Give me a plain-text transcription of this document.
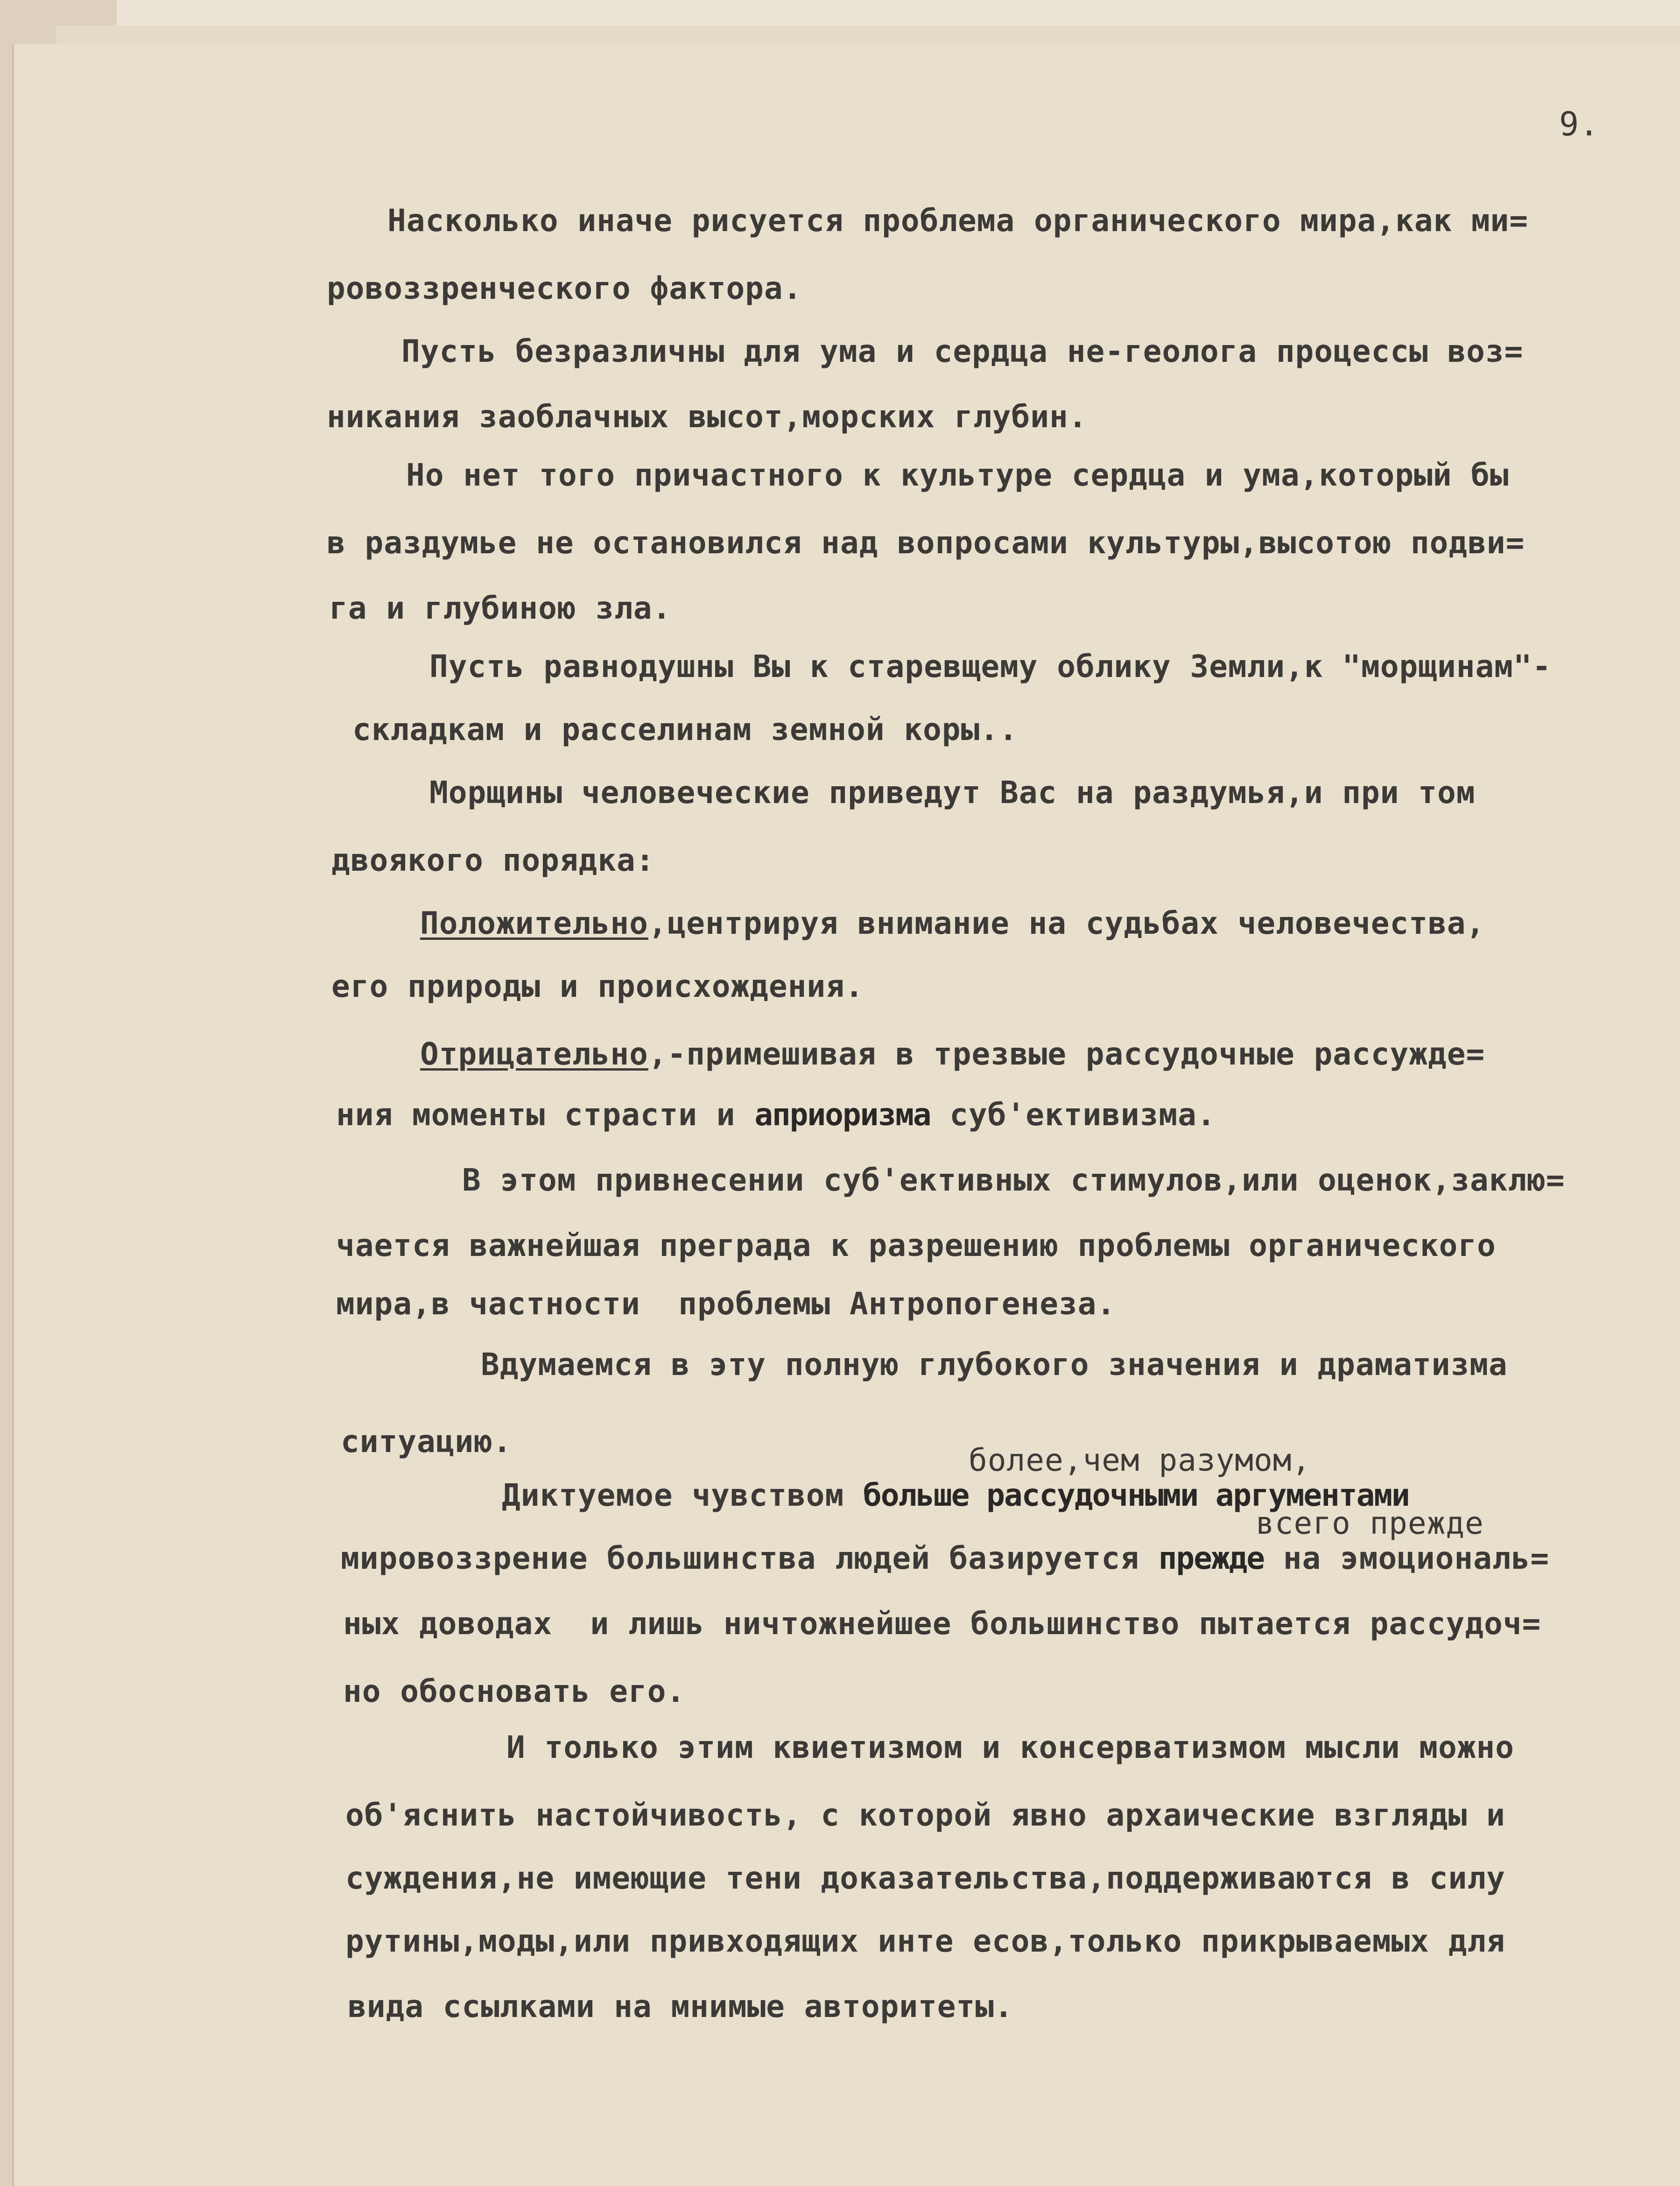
9.
Насколько иначе рисуется проблема органического мира,как ми=
ровоззренческого фактора.
Пусть безразличны для ума и сердца не-геолога процессы воз=
никания заоблачных высот,морских глубин.
Но нет того причастного к культуре сердца и ума,который бы
в раздумье не остановился над вопросами культуры,высотою подви=
га и глубиною зла.
Пусть равнодушны Вы к старевщему облику Земли,к "морщинам"-
складкам и расселинам земной коры..
Морщины человеческие приведут Вас на раздумья,и при том
двоякого порядка:
Положительно,центрируя внимание на судьбах человечества,
его природы и происхождения.
Отрицательно,-примешивая в трезвые рассудочные рассужде=
ния моменты страсти и априоризма суб'ективизма.
В этом привнесении суб'ективных стимулов,или оценок,заклю=
чается важнейшая преграда к разрешению проблемы органического
мира,в частности  проблемы Антропогенеза.
Вдумаемся в эту полную глубокого значения и драматизма
ситуацию.
более,чем разумом,
Диктуемое чувством больше рассудочными аргументами
всего прежде
мировоззрение большинства людей базируется прежде на эмоциональ=
ных доводах  и лишь ничтожнейшее большинство пытается рассудоч=
но обосновать его.
И только этим квиетизмом и консерватизмом мысли можно
об'яснить настойчивость, с которой явно архаические взгляды и
суждения,не имеющие тени доказательства,поддерживаются в силу
рутины,моды,или привходящих инте есов,только прикрываемых для
вида ссылками на мнимые авторитеты.
